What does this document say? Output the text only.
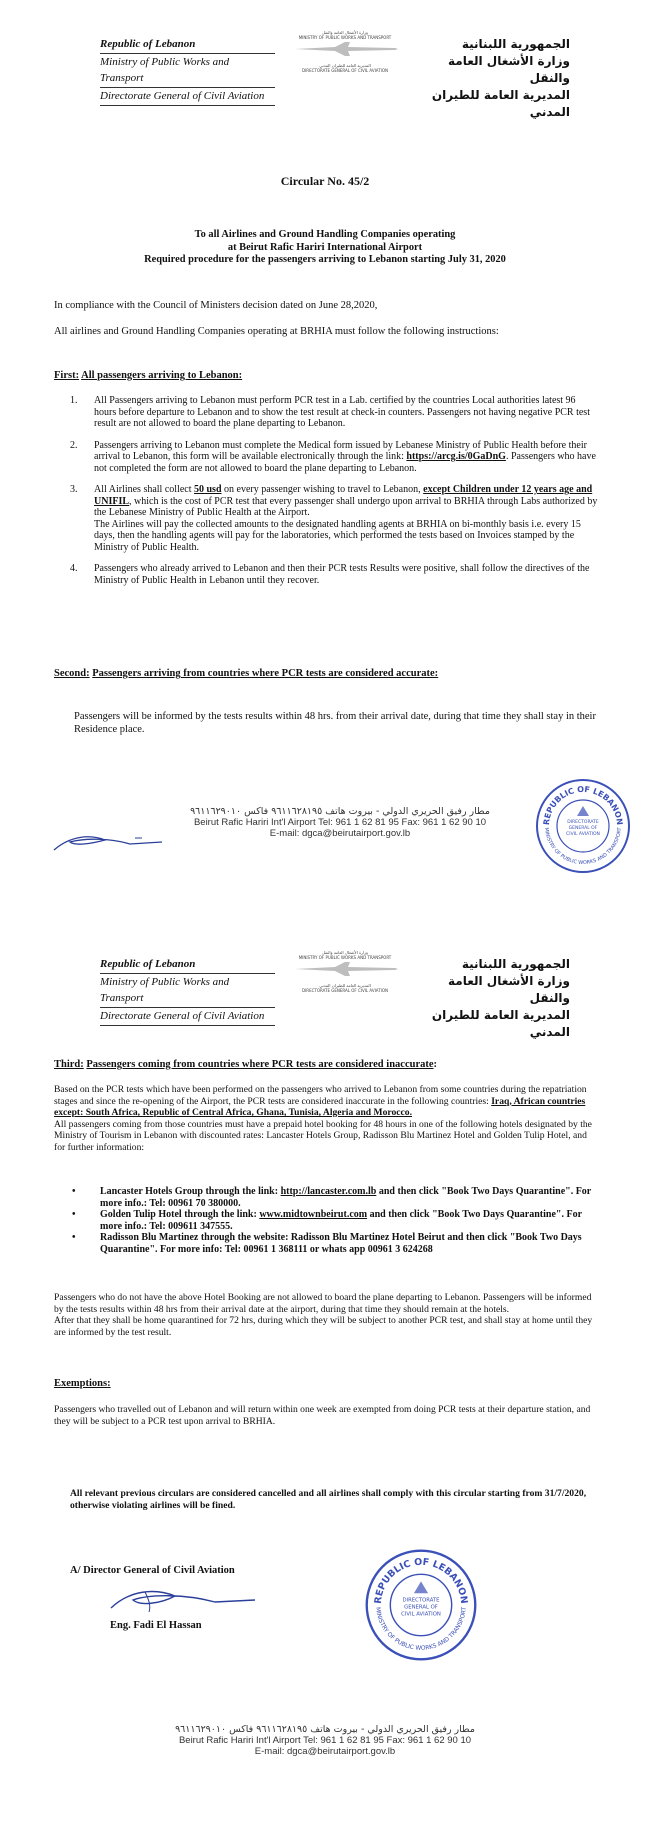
Republic of Lebanon
Ministry of Public Works and Transport
Directorate General of Civil Aviation
وزارة الأشغال العامة والنقل
MINISTRY OF PUBLIC WORKS AND TRANSPORT
المديرية العامة للطيران المدني
DIRECTORATE GENERAL OF CIVIL AVIATION
الجمهورية اللبنانية
وزارة الأشغال العامة والنقل
المديرية العامة للطيران المدني
Circular No. 45/2
To all Airlines and Ground Handling Companies operating
at Beirut Rafic Hariri International Airport
Required procedure for the passengers arriving to Lebanon starting July 31, 2020
In compliance with the Council of Ministers decision dated on June 28,2020,
All airlines and Ground Handling Companies operating at BRHIA must follow the following instructions:
First: All passengers arriving to Lebanon:
1. All Passengers arriving to Lebanon must perform PCR test in a Lab. certified by the countries Local authorities latest 96 hours before departure to Lebanon and to show the test result at check-in counters. Passengers not having negative PCR test result are not allowed to board the plane departing to Lebanon.
2. Passengers arriving to Lebanon must complete the Medical form issued by Lebanese Ministry of Public Health before their arrival to Lebanon, this form will be available electronically through the link: https://arcg.is/0GaDnG. Passengers who have not completed the form are not allowed to board the plane departing to Lebanon.
3. All Airlines shall collect 50 usd on every passenger wishing to travel to Lebanon, except Children under 12 years age and UNIFIL, which is the cost of PCR test that every passenger shall undergo upon arrival to BRHIA through Labs authorized by the Lebanese Ministry of Public Health at the Airport.
The Airlines will pay the collected amounts to the designated handling agents at BRHIA on bi-monthly basis i.e. every 15 days, then the handling agents will pay for the laboratories, which performed the tests based on Invoices stamped by the Ministry of Public Health.
4. Passengers who already arrived to Lebanon and then their PCR tests Results were positive, shall follow the directives of the Ministry of Public Health in Lebanon until they recover.
Second: Passengers arriving from countries where PCR tests are considered accurate:
Passengers will be informed by the tests results within 48 hrs. from their arrival date, during that time they shall stay in their Residence place.
مطار رفيق الحريري الدولي - بيروت هاتف ٩٦١١٦٢٨١٩٥ فاكس ٩٦١١٦٢٩٠١٠
Beirut Rafic Hariri Int'l Airport Tel: 961 1 62 81 95 Fax: 961 1 62 90 10
E-mail: dgca@beirutairport.gov.lb
REPUBLIC OF LEBANON
MINISTRY OF PUBLIC WORKS AND TRANSPORT
DIRECTORATE
GENERAL OF
CIVIL AVIATION
Republic of Lebanon
Ministry of Public Works and Transport
Directorate General of Civil Aviation
وزارة الأشغال العامة والنقل
MINISTRY OF PUBLIC WORKS AND TRANSPORT
المديرية العامة للطيران المدني
DIRECTORATE GENERAL OF CIVIL AVIATION
الجمهورية اللبنانية
وزارة الأشغال العامة والنقل
المديرية العامة للطيران المدني
Third: Passengers coming from countries where PCR tests are considered inaccurate:
Based on the PCR tests which have been performed on the passengers who arrived to Lebanon from some countries during the repatriation stages and since the re-opening of the Airport, the PCR tests are considered inaccurate in the following countries: Iraq, African countries except: South Africa, Republic of Central Africa, Ghana, Tunisia, Algeria and Morocco.
All passengers coming from those countries must have a prepaid hotel booking for 48 hours in one of the following hotels designated by the Ministry of Tourism in Lebanon with discounted rates: Lancaster Hotels Group, Radisson Blu Martinez Hotel and Golden Tulip Hotel, and for further information:
• Lancaster Hotels Group through the link: http://lancaster.com.lb and then click "Book Two Days Quarantine". For more info.: Tel: 00961 70 380000.
• Golden Tulip Hotel through the link: www.midtownbeirut.com and then click "Book Two Days Quarantine". For more info.: Tel: 009611 347555.
• Radisson Blu Martinez through the website: Radisson Blu Martinez Hotel Beirut and then click "Book Two Days Quarantine". For more info: Tel: 00961 1 368111 or whats app 00961 3 624268
Passengers who do not have the above Hotel Booking are not allowed to board the plane departing to Lebanon. Passengers will be informed by the tests results within 48 hrs from their arrival date at the airport, during that time they should remain at the hotels.
After that they shall be home quarantined for 72 hrs, during which they will be subject to another PCR test, and shall stay at home until they are informed by the test result.
Exemptions:
Passengers who travelled out of Lebanon and will return within one week are exempted from doing PCR tests at their departure station, and they will be subject to a PCR test upon arrival to BRHIA.
All relevant previous circulars are considered cancelled and all airlines shall comply with this circular starting from 31/7/2020, otherwise violating airlines will be fined.
A/ Director General of Civil Aviation
Eng. Fadi El Hassan
REPUBLIC OF LEBANON
MINISTRY OF PUBLIC WORKS AND TRANSPORT
DIRECTORATE
GENERAL OF
CIVIL AVIATION
مطار رفيق الحريري الدولي - بيروت هاتف ٩٦١١٦٢٨١٩٥ فاكس ٩٦١١٦٢٩٠١٠
Beirut Rafic Hariri Int'l Airport Tel: 961 1 62 81 95 Fax: 961 1 62 90 10
E-mail: dgca@beirutairport.gov.lb
